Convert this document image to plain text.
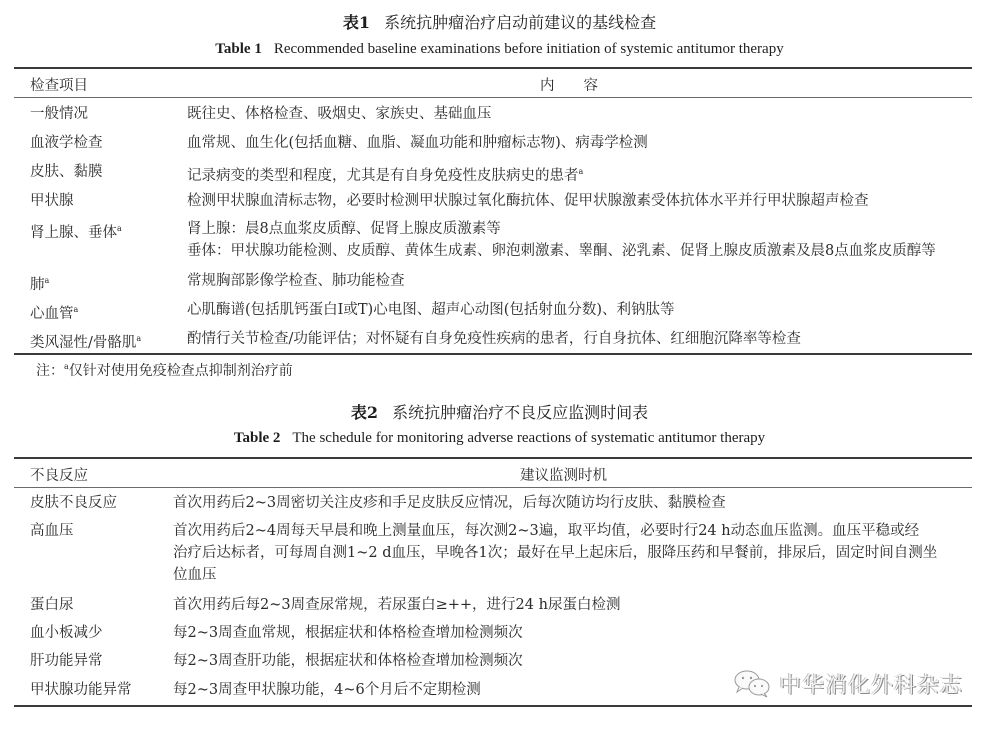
表1 系统抗肿瘤治疗启动前建议的基线检查
Table 1 Recommended baseline examinations before initiation of systemic antitumor therapy
检查项目	内　　容
一般情况	既往史、体格检查、吸烟史、家族史、基础血压
血液学检查	血常规、血生化(包括血糖、血脂、凝血功能和肿瘤标志物)、病毒学检测
皮肤、黏膜	记录病变的类型和程度，尤其是有自身免疫性皮肤病史的患者$^a$
甲状腺	检测甲状腺血清标志物，必要时检测甲状腺过氧化酶抗体、促甲状腺激素受体抗体水平并行甲状腺超声检查
肾上腺、垂体$^a$	肾上腺：晨8点血浆皮质醇、促肾上腺皮质激素等
垂体：甲状腺功能检测、皮质醇、黄体生成素、卵泡刺激素、睾酮、泌乳素、促肾上腺皮质激素及晨8点血浆皮质醇等
肺$^a$	常规胸部影像学检查、肺功能检查
心血管$^a$	心肌酶谱(包括肌钙蛋白I或T)心电图、超声心动图(包括射血分数)、利钠肽等
类风湿性/骨骼肌$^a$	酌情行关节检查/功能评估；对怀疑有自身免疫性疾病的患者，行自身抗体、红细胞沉降率等检查
注：$^a$仅针对使用免疫检查点抑制剂治疗前
表2 系统抗肿瘤治疗不良反应监测时间表
Table 2 The schedule for monitoring adverse reactions of systematic antitumor therapy
不良反应	建议监测时机
皮肤不良反应	首次用药后2~3周密切关注皮疹和手足皮肤反应情况，后每次随访均行皮肤、黏膜检查
高血压	首次用药后2~4周每天早晨和晚上测量血压，每次测2~3遍，取平均值，必要时行24 h动态血压监测。血压平稳或经
治疗后达标者，可每周自测1~2 d血压，早晚各1次；最好在早上起床后，服降压药和早餐前，排尿后，固定时间自测坐
位血压
蛋白尿	首次用药后每2~3周查尿常规，若尿蛋白≥++，进行24 h尿蛋白检测
血小板减少	每2~3周查血常规，根据症状和体格检查增加检测频次
肝功能异常	每2~3周查肝功能，根据症状和体格检查增加检测频次
甲状腺功能异常	每2~3周查甲状腺功能，4~6个月后不定期检测	中华消化外科杂志
